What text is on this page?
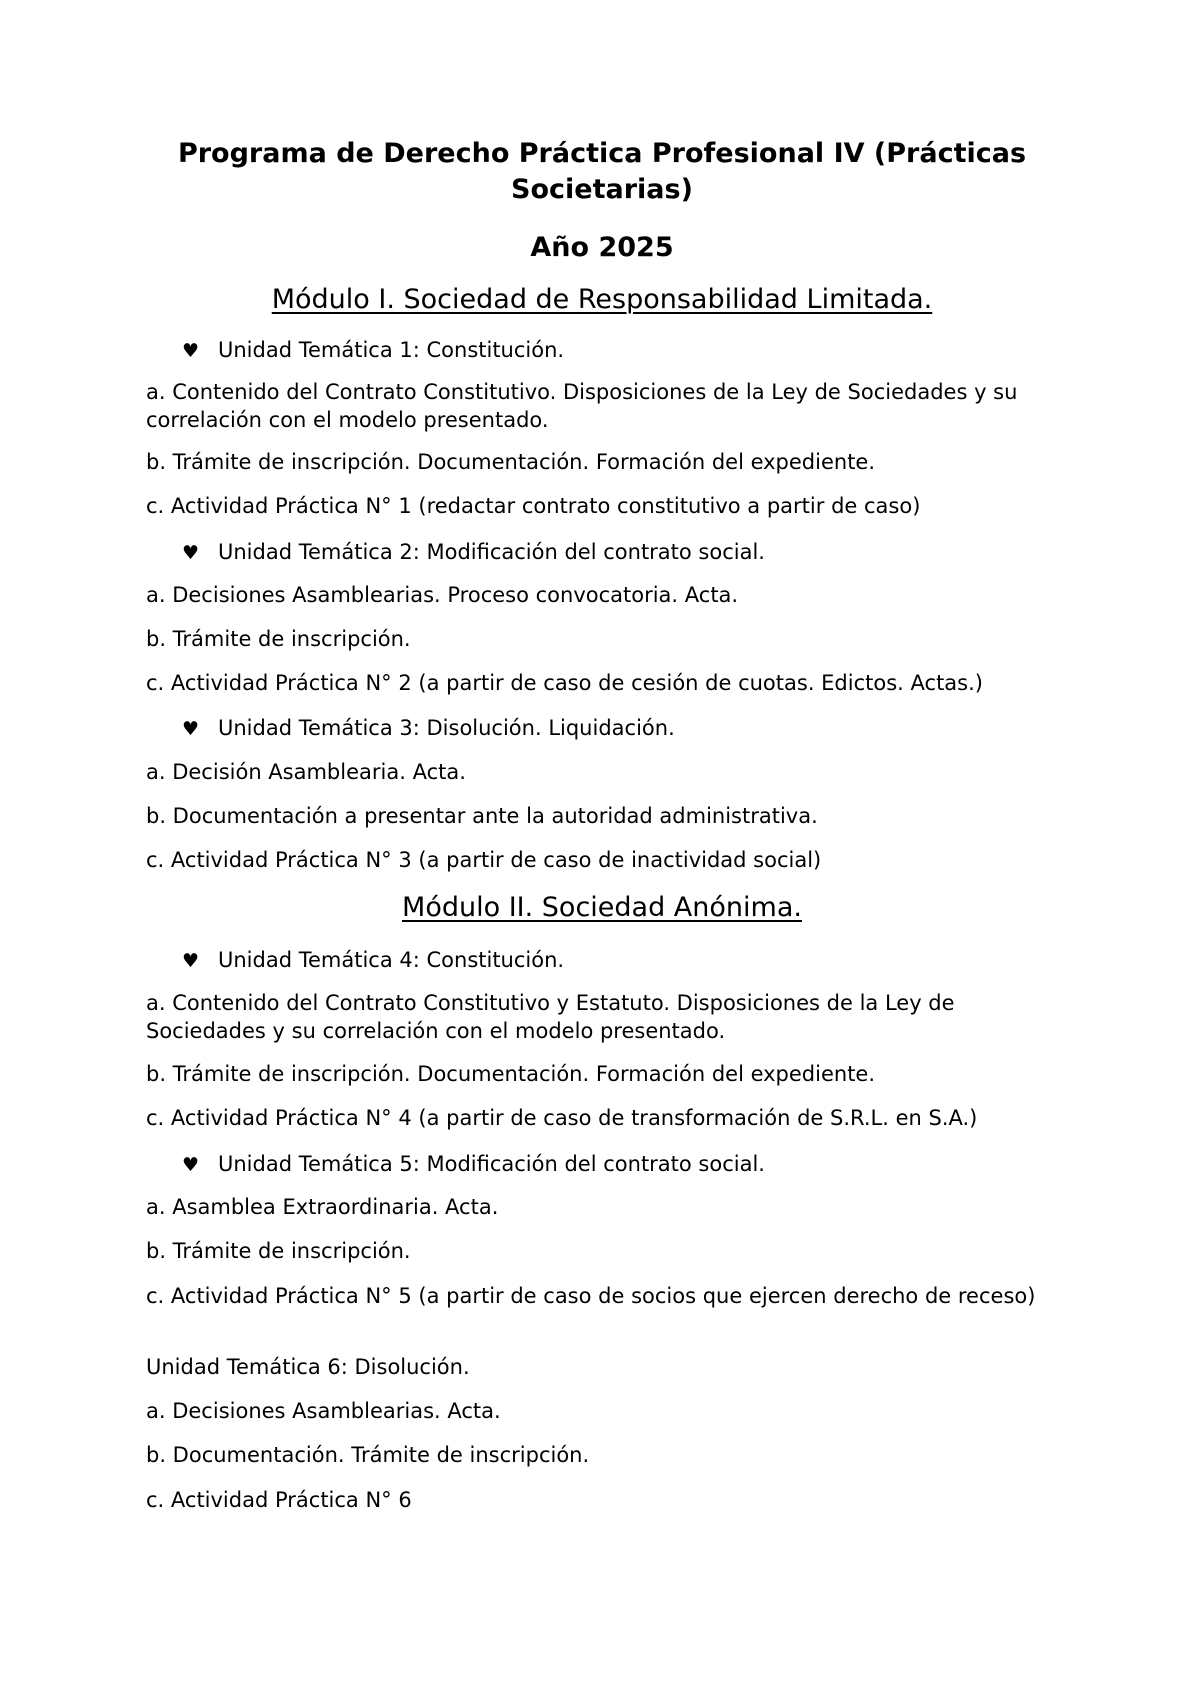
Programa de Derecho Práctica Profesional IV (Prácticas Societarias)
Año 2025
Módulo I. Sociedad de Responsabilidad Limitada.
♥ Unidad Temática 1: Constitución.
a. Contenido del Contrato Constitutivo. Disposiciones de la Ley de Sociedades y su correlación con el modelo presentado.
b. Trámite de inscripción. Documentación. Formación del expediente.
c. Actividad Práctica N° 1 (redactar contrato constitutivo a partir de caso)
♥ Unidad Temática 2: Modificación del contrato social.
a. Decisiones Asamblearias. Proceso convocatoria. Acta.
b. Trámite de inscripción.
c. Actividad Práctica N° 2 (a partir de caso de cesión de cuotas. Edictos. Actas.)
♥ Unidad Temática 3: Disolución. Liquidación.
a. Decisión Asamblearia. Acta.
b. Documentación a presentar ante la autoridad administrativa.
c. Actividad Práctica N° 3 (a partir de caso de inactividad social)
Módulo II. Sociedad Anónima.
♥ Unidad Temática 4: Constitución.
a. Contenido del Contrato Constitutivo y Estatuto. Disposiciones de la Ley de Sociedades y su correlación con el modelo presentado.
b. Trámite de inscripción. Documentación. Formación del expediente.
c. Actividad Práctica N° 4 (a partir de caso de transformación de S.R.L. en S.A.)
♥ Unidad Temática 5: Modificación del contrato social.
a. Asamblea Extraordinaria. Acta.
b. Trámite de inscripción.
c. Actividad Práctica N° 5 (a partir de caso de socios que ejercen derecho de receso)
Unidad Temática 6: Disolución.
a. Decisiones Asamblearias. Acta.
b. Documentación. Trámite de inscripción.
c. Actividad Práctica N° 6
